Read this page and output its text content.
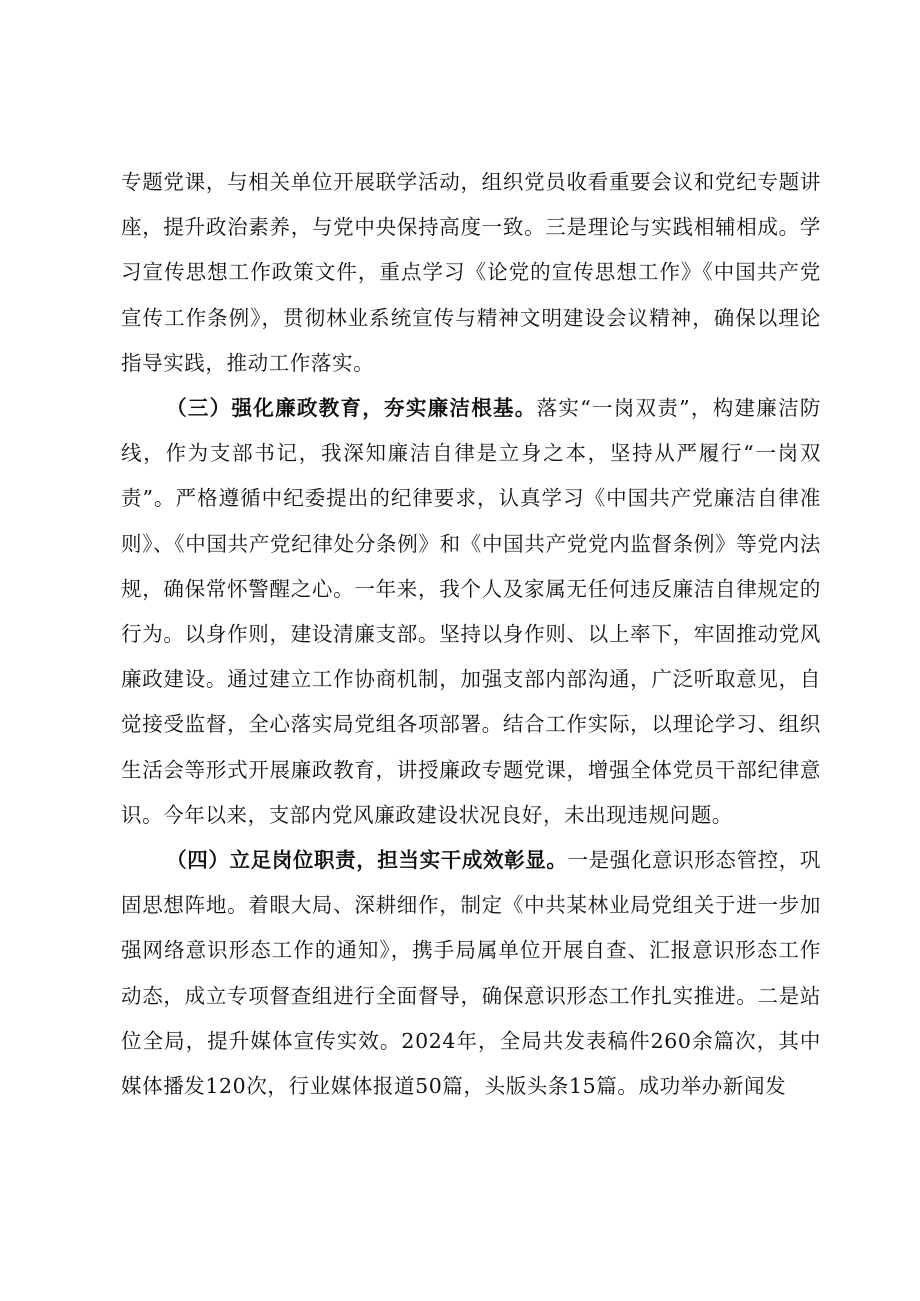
专题党课，与相关单位开展联学活动，组织党员收看重要会议和党纪专题讲座，提升政治素养，与党中央保持高度一致。三是理论与实践相辅相成。学习宣传思想工作政策文件，重点学习《论党的宣传思想工作》《中国共产党宣传工作条例》，贯彻林业系统宣传与精神文明建设会议精神，确保以理论指导实践，推动工作落实。

（三）强化廉政教育，夯实廉洁根基。落实“一岗双责”，构建廉洁防线，作为支部书记，我深知廉洁自律是立身之本，坚持从严履行“一岗双责”。严格遵循中纪委提出的纪律要求，认真学习《中国共产党廉洁自律准则》、《中国共产党纪律处分条例》和《中国共产党党内监督条例》等党内法规，确保常怀警醒之心。一年来，我个人及家属无任何违反廉洁自律规定的行为。以身作则，建设清廉支部。坚持以身作则、以上率下，牢固推动党风廉政建设。通过建立工作协商机制，加强支部内部沟通，广泛听取意见，自觉接受监督，全心落实局党组各项部署。结合工作实际，以理论学习、组织生活会等形式开展廉政教育，讲授廉政专题党课，增强全体党员干部纪律意识。今年以来，支部内党风廉政建设状况良好，未出现违规问题。

（四）立足岗位职责，担当实干成效彰显。一是强化意识形态管控，巩固思想阵地。着眼大局、深耕细作，制定《中共某林业局党组关于进一步加强网络意识形态工作的通知》，携手局属单位开展自查、汇报意识形态工作动态，成立专项督查组进行全面督导，确保意识形态工作扎实推进。二是站位全局，提升媒体宣传实效。2024年，全局共发表稿件260余篇次，其中媒体播发120次，行业媒体报道50篇，头版头条15篇。成功举办新闻发
